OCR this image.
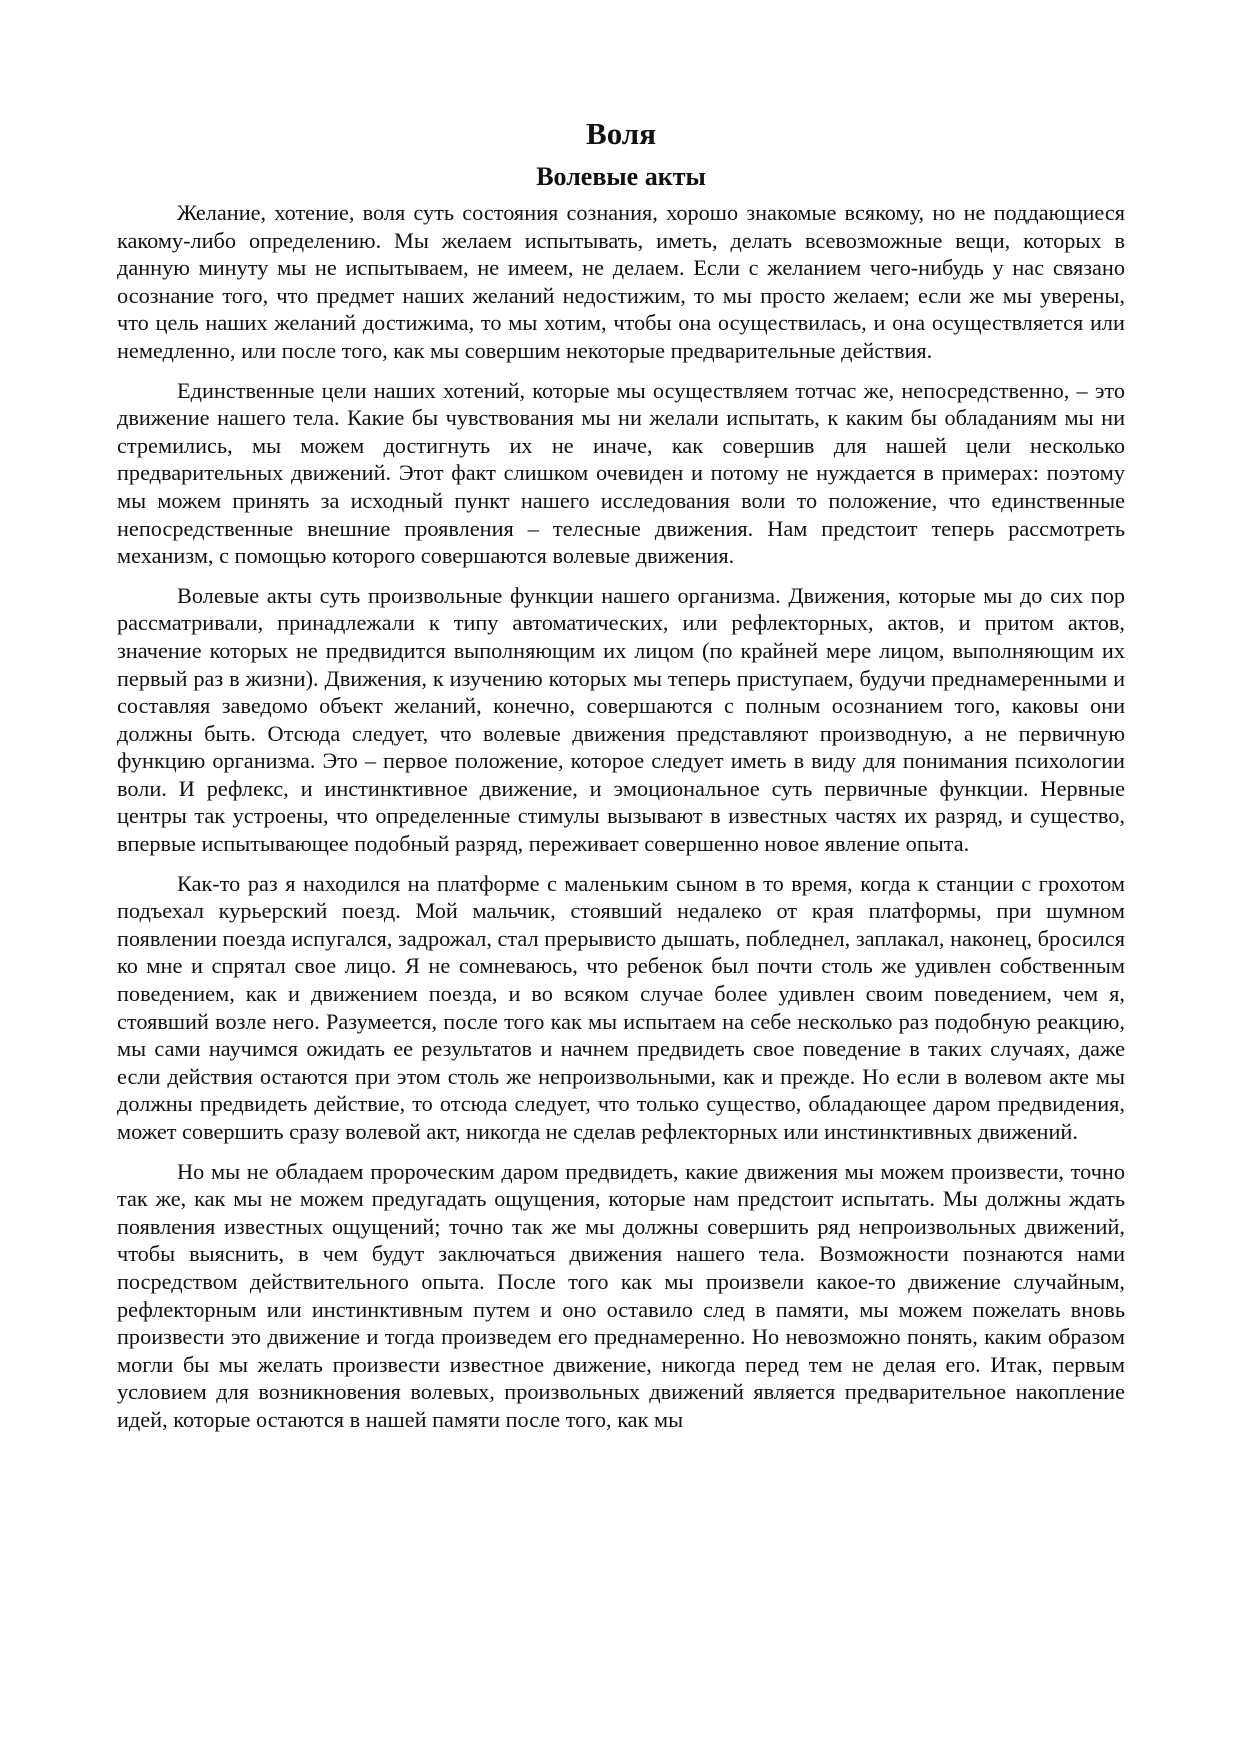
Воля
Волевые акты

Желание, хотение, воля суть состояния сознания, хорошо знакомые всякому, но не поддающиеся какому-либо определению. Мы желаем испытывать, иметь, делать всевозможные вещи, которых в данную минуту мы не испытываем, не имеем, не делаем. Если с желанием чего-нибудь у нас связано осознание того, что предмет наших желаний недостижим, то мы просто желаем; если же мы уверены, что цель наших желаний достижима, то мы хотим, чтобы она осуществилась, и она осуществляется или немедленно, или после того, как мы совершим некоторые предварительные действия.

Единственные цели наших хотений, которые мы осуществляем тотчас же, непосредственно, – это движение нашего тела. Какие бы чувствования мы ни желали испытать, к каким бы обладаниям мы ни стремились, мы можем достигнуть их не иначе, как совершив для нашей цели несколько предварительных движений. Этот факт слишком очевиден и потому не нуждается в примерах: поэтому мы можем принять за исходный пункт нашего исследования воли то положение, что единственные непосредственные внешние проявления – телесные движения. Нам предстоит теперь рассмотреть механизм, с помощью которого совершаются волевые движения.

Волевые акты суть произвольные функции нашего организма. Движения, которые мы до сих пор рассматривали, принадлежали к типу автоматических, или рефлекторных, актов, и притом актов, значение которых не предвидится выполняющим их лицом (по крайней мере лицом, выполняющим их первый раз в жизни). Движения, к изучению которых мы теперь приступаем, будучи преднамеренными и составляя заведомо объект желаний, конечно, совершаются с полным осознанием того, каковы они должны быть. Отсюда следует, что волевые движения представляют производную, а не первичную функцию организма. Это – первое положение, которое следует иметь в виду для понимания психологии воли. И рефлекс, и инстинктивное движение, и эмоциональное суть первичные функции. Нервные центры так устроены, что определенные стимулы вызывают в известных частях их разряд, и существо, впервые испытывающее подобный разряд, переживает совершенно новое явление опыта.

Как-то раз я находился на платформе с маленьким сыном в то время, когда к станции с грохотом подъехал курьерский поезд. Мой мальчик, стоявший недалеко от края платформы, при шумном появлении поезда испугался, задрожал, стал прерывисто дышать, побледнел, заплакал, наконец, бросился ко мне и спрятал свое лицо. Я не сомневаюсь, что ребенок был почти столь же удивлен собственным поведением, как и движением поезда, и во всяком случае более удивлен своим поведением, чем я, стоявший возле него. Разумеется, после того как мы испытаем на себе несколько раз подобную реакцию, мы сами научимся ожидать ее результатов и начнем предвидеть свое поведение в таких случаях, даже если действия остаются при этом столь же непроизвольными, как и прежде. Но если в волевом акте мы должны предвидеть действие, то отсюда следует, что только существо, обладающее даром предвидения, может совершить сразу волевой акт, никогда не сделав рефлекторных или инстинктивных движений.

Но мы не обладаем пророческим даром предвидеть, какие движения мы можем произвести, точно так же, как мы не можем предугадать ощущения, которые нам предстоит испытать. Мы должны ждать появления известных ощущений; точно так же мы должны совершить ряд непроизвольных движений, чтобы выяснить, в чем будут заключаться движения нашего тела. Возможности познаются нами посредством действительного опыта. После того как мы произвели какое-то движение случайным, рефлекторным или инстинктивным путем и оно оставило след в памяти, мы можем пожелать вновь произвести это движение и тогда произведем его преднамеренно. Но невозможно понять, каким образом могли бы мы желать произвести известное движение, никогда перед тем не делая его. Итак, первым условием для возникновения волевых, произвольных движений является предварительное накопление идей, которые остаются в нашей памяти после того, как мы
